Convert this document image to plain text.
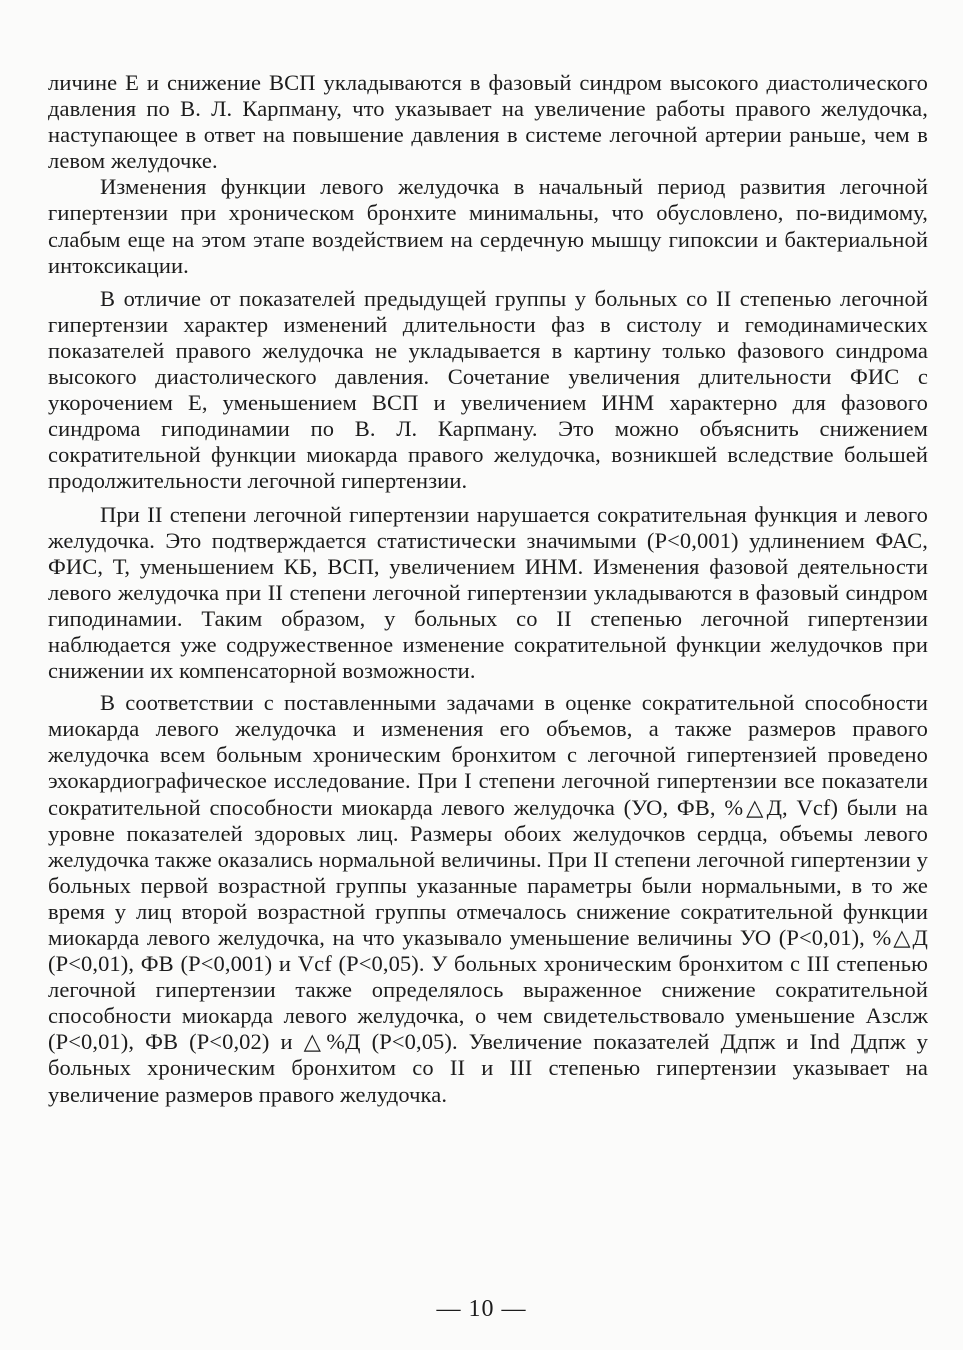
личине Е и снижение ВСП укладываются в фазовый синдром высокого диастолического давления по В. Л. Карпману, что указывает на увеличение работы правого желудочка, наступающее в ответ на повышение давления в системе легочной артерии раньше, чем в левом желудочке.

Изменения функции левого желудочка в начальный период развития легочной гипертензии при хроническом бронхите минимальны, что обусловлено, по-видимому, слабым еще на этом этапе воздействием на сердечную мышцу гипоксии и бактериальной интоксикации.

В отличие от показателей предыдущей группы у больных со II степенью легочной гипертензии характер изменений длительности фаз в систолу и гемодинамических показателей правого желудочка не укладывается в картину только фазового синдрома высокого диастолического давления. Сочетание увеличения длительности ФИС с укорочением Е, уменьшением ВСП и увеличением ИНМ характерно для фазового синдрома гиподинамии по В. Л. Карпману. Это можно объяснить снижением сократительной функции миокарда правого желудочка, возникшей вследствие большей продолжительности легочной гипертензии.

При II степени легочной гипертензии нарушается сократительная функция и левого желудочка. Это подтверждается статистически значимыми (P<0,001) удлинением ФАС, ФИС, Т, уменьшением КБ, ВСП, увеличением ИНМ. Изменения фазовой деятельности левого желудочка при II степени легочной гипертензии укладываются в фазовый синдром гиподинамии. Таким образом, у больных со II степенью легочной гипертензии наблюдается уже содружественное изменение сократительной функции желудочков при снижении их компенсаторной возможности.

В соответствии с поставленными задачами в оценке сократительной способности миокарда левого желудочка и изменения его объемов, а также размеров правого желудочка всем больным хроническим бронхитом с легочной гипертензией проведено эхокардиографическое исследование. При I степени легочной гипертензии все показатели сократительной способности миокарда левого желудочка (УО, ФВ, %△Д, Vcf) были на уровне показателей здоровых лиц. Размеры обоих желудочков сердца, объемы левого желудочка также оказались нормальной величины. При II степени легочной гипертензии у больных первой возрастной группы указанные параметры были нормальными, в то же время у лиц второй возрастной группы отмечалось снижение сократительной функции миокарда левого желудочка, на что указывало уменьшение величины УО (P<0,01), %△Д (P<0,01), ФВ (P<0,001) и Vcf (P<0,05). У больных хроническим бронхитом с III степенью легочной гипертензии также определялось выраженное снижение сократительной способности миокарда левого желудочка, о чем свидетельствовало уменьшение Азслж (P<0,01), ФВ (P<0,02) и △%Д (P<0,05). Увеличение показателей Ддпж и Ind Ддпж у больных хроническим бронхитом со II и III степенью гипертензии указывает на увеличение размеров правого желудочка.

— 10 —
